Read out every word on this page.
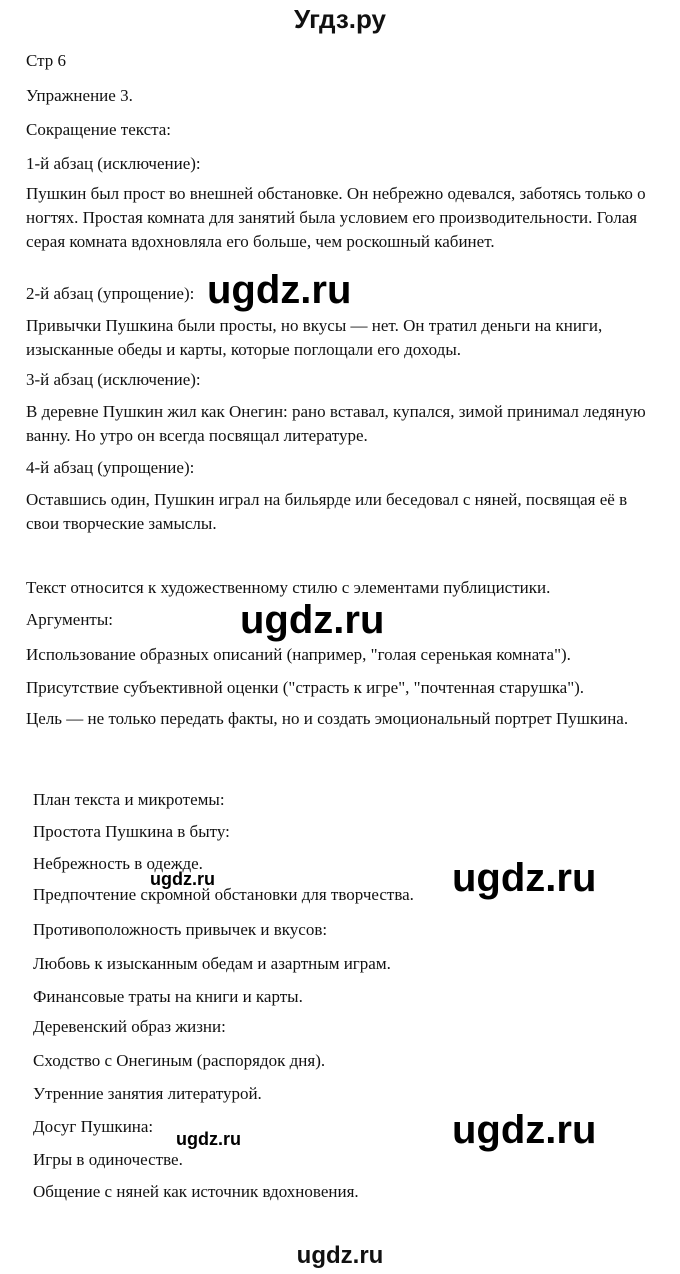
Угдз.ру
Стр 6
Упражнение 3.
Сокращение текста:
1-й абзац (исключение):
Пушкин был прост во внешней обстановке. Он небрежно одевался, заботясь только о ногтях. Простая комната для занятий была условием его производительности. Голая серая комната вдохновляла его больше, чем роскошный кабинет.
2-й абзац (упрощение):
Привычки Пушкина были просты, но вкусы — нет. Он тратил деньги на книги, изысканные обеды и карты, которые поглощали его доходы.
3-й абзац (исключение):
В деревне Пушкин жил как Онегин: рано вставал, купался, зимой принимал ледяную ванну. Но утро он всегда посвящал литературе.
4-й абзац (упрощение):
Оставшись один, Пушкин играл на бильярде или беседовал с няней, посвящая её в свои творческие замыслы.
Текст относится к художественному стилю с элементами публицистики.
Аргументы:
Использование образных описаний (например, "голая серенькая комната").
Присутствие субъективной оценки ("страсть к игре", "почтенная старушка").
Цель — не только передать факты, но и создать эмоциональный портрет Пушкина.
План текста и микротемы:
Простота Пушкина в быту:
Небрежность в одежде.
Предпочтение скромной обстановки для творчества.
Противоположность привычек и вкусов:
Любовь к изысканным обедам и азартным играм.
Финансовые траты на книги и карты.
Деревенский образ жизни:
Сходство с Онегиным (распорядок дня).
Утренние занятия литературой.
Досуг Пушкина:
Игры в одиночестве.
Общение с няней как источник вдохновения.
ugdz.ru
ugdz.ru
ugdz.ru
ugdz.ru
ugdz.ru
ugdz.ru
ugdz.ru
